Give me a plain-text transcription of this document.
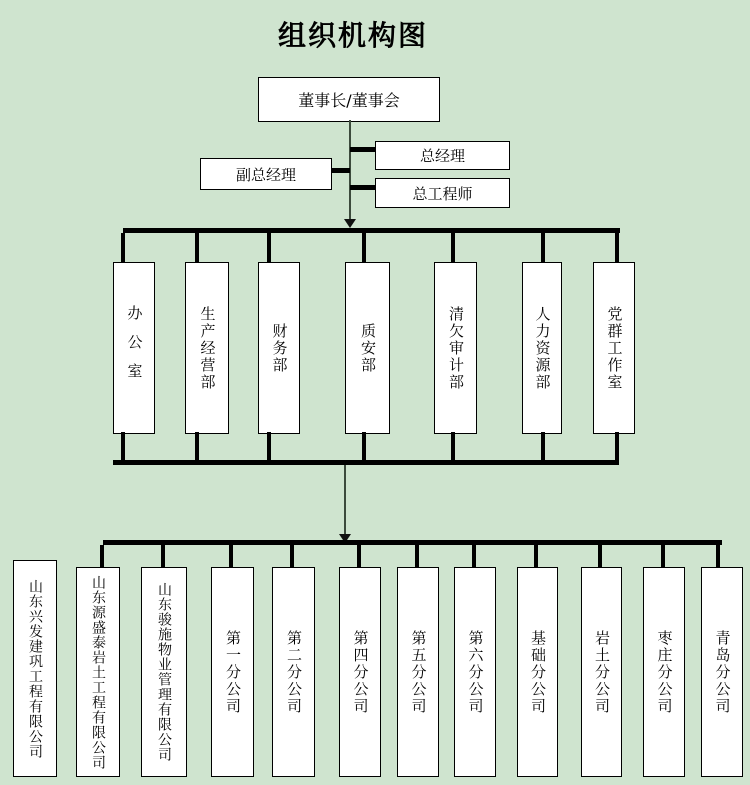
组织机构图
董事长/董事会
副总经理
总经理
总工程师
办公室	生产经营部	财务部	质安部	清欠审计部	人力资源部	党群工作室
山东兴发建巩工程有限公司	山东源盛泰岩土工程有限公司	山东骏施物业管理有限公司	第一分公司	第二分公司	第四分公司	第五分公司	第六分公司	基础分公司	岩土分公司	枣庄分公司	青岛分公司
